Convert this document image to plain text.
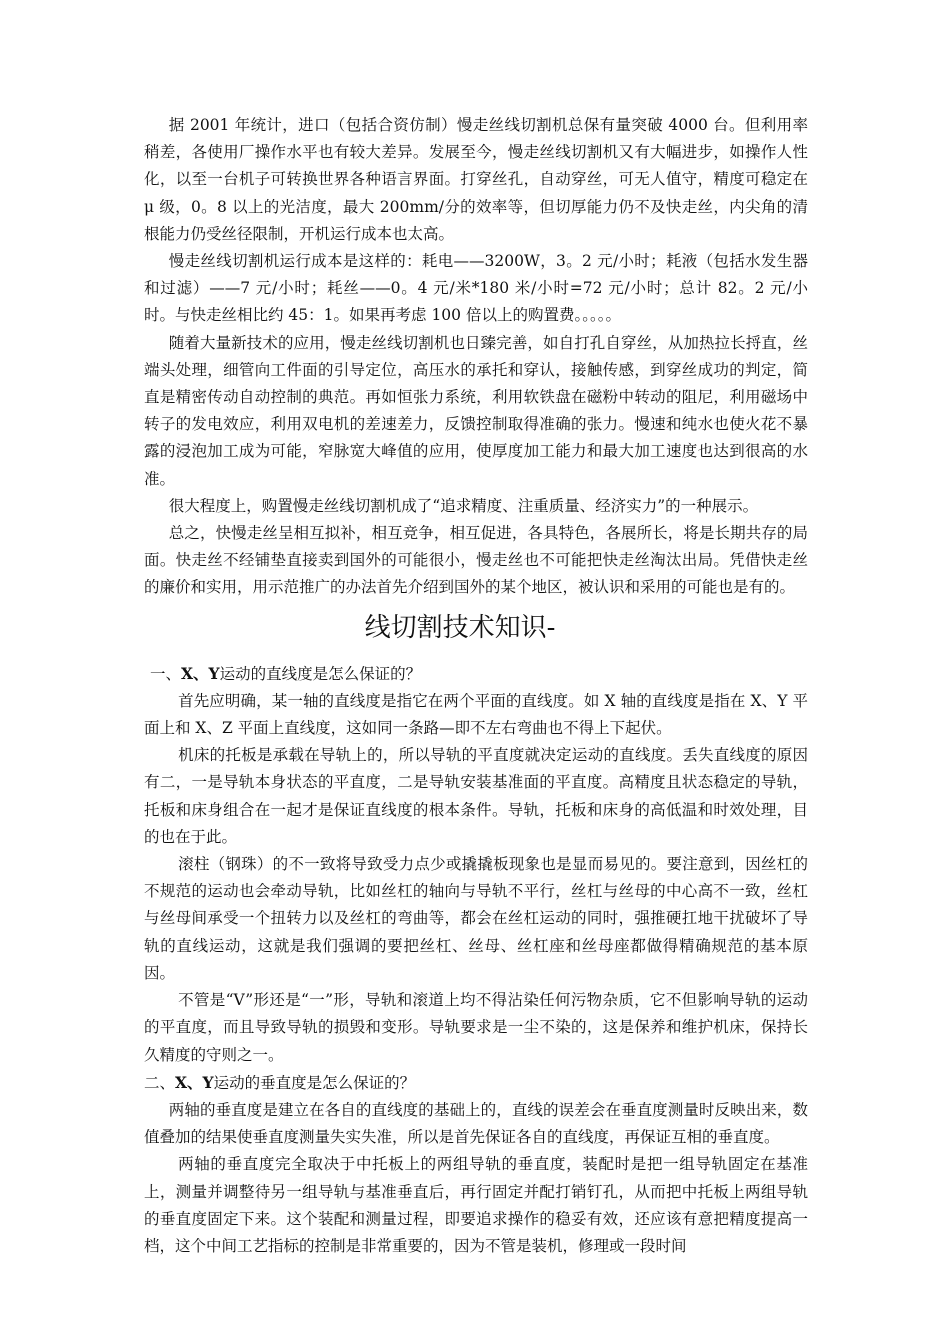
据 2001 年统计，进口（包括合资仿制）慢走丝线切割机总保有量突破 4000 台。但利用率稍差，各使用厂操作水平也有较大差异。发展至今，慢走丝线切割机又有大幅进步，如操作人性化，以至一台机子可转换世界各种语言界面。打穿丝孔，自动穿丝，可无人值守，精度可稳定在 μ 级，0。8 以上的光洁度，最大 200mm/分的效率等，但切厚能力仍不及快走丝，内尖角的清根能力仍受丝径限制，开机运行成本也太高。

慢走丝线切割机运行成本是这样的：耗电——3200W，3。2 元/小时；耗液（包括水发生器和过滤）——7 元/小时；耗丝——0。4 元/米*180 米/小时=72 元/小时；总计 82。2 元/小时。与快走丝相比约 45：1。如果再考虑 100 倍以上的购置费。。。。。

随着大量新技术的应用，慢走丝线切割机也日臻完善，如自打孔自穿丝，从加热拉长捋直，丝端头处理，细管向工件面的引导定位，高压水的承托和穿认，接触传感，到穿丝成功的判定，简直是精密传动自动控制的典范。再如恒张力系统，利用软铁盘在磁粉中转动的阻尼，利用磁场中转子的发电效应，利用双电机的差速差力，反馈控制取得准确的张力。慢速和纯水也使火花不暴露的浸泡加工成为可能，窄脉宽大峰值的应用，使厚度加工能力和最大加工速度也达到很高的水准。

很大程度上，购置慢走丝线切割机成了“追求精度、注重质量、经济实力”的一种展示。

总之，快慢走丝呈相互拟补，相互竞争，相互促进，各具特色，各展所长，将是长期共存的局面。快走丝不经铺垫直接卖到国外的可能很小，慢走丝也不可能把快走丝淘汰出局。凭借快走丝的廉价和实用，用示范推广的办法首先介绍到国外的某个地区，被认识和采用的可能也是有的。

线切割技术知识-
一、X、Y运动的直线度是怎么保证的？

首先应明确，某一轴的直线度是指它在两个平面的直线度。如 X 轴的直线度是指在 X、Y 平面上和 X、Z 平面上直线度，这如同一条路—即不左右弯曲也不得上下起伏。

机床的托板是承载在导轨上的，所以导轨的平直度就决定运动的直线度。丢失直线度的原因有二，一是导轨本身状态的平直度，二是导轨安装基准面的平直度。高精度且状态稳定的导轨，托板和床身组合在一起才是保证直线度的根本条件。导轨，托板和床身的高低温和时效处理，目的也在于此。

滚柱（钢珠）的不一致将导致受力点少或撬撬板现象也是显而易见的。要注意到，因丝杠的不规范的运动也会牵动导轨，比如丝杠的轴向与导轨不平行，丝杠与丝母的中心高不一致，丝杠与丝母间承受一个扭转力以及丝杠的弯曲等，都会在丝杠运动的同时，强推硬扛地干扰破坏了导轨的直线运动，这就是我们强调的要把丝杠、丝母、丝杠座和丝母座都做得精确规范的基本原因。

不管是“V”形还是“一”形，导轨和滚道上均不得沾染任何污物杂质，它不但影响导轨的运动的平直度，而且导致导轨的损毁和变形。导轨要求是一尘不染的，这是保养和维护机床，保持长久精度的守则之一。

二、X、Y运动的垂直度是怎么保证的？

两轴的垂直度是建立在各自的直线度的基础上的，直线的误差会在垂直度测量时反映出来，数值叠加的结果使垂直度测量失实失准，所以是首先保证各自的直线度，再保证互相的垂直度。

两轴的垂直度完全取决于中托板上的两组导轨的垂直度，装配时是把一组导轨固定在基准上，测量并调整待另一组导轨与基准垂直后，再行固定并配打销钉孔，从而把中托板上两组导轨的垂直度固定下来。这个装配和测量过程，即要追求操作的稳妥有效，还应该有意把精度提高一档，这个中间工艺指标的控制是非常重要的，因为不管是装机，修理或一段时间
